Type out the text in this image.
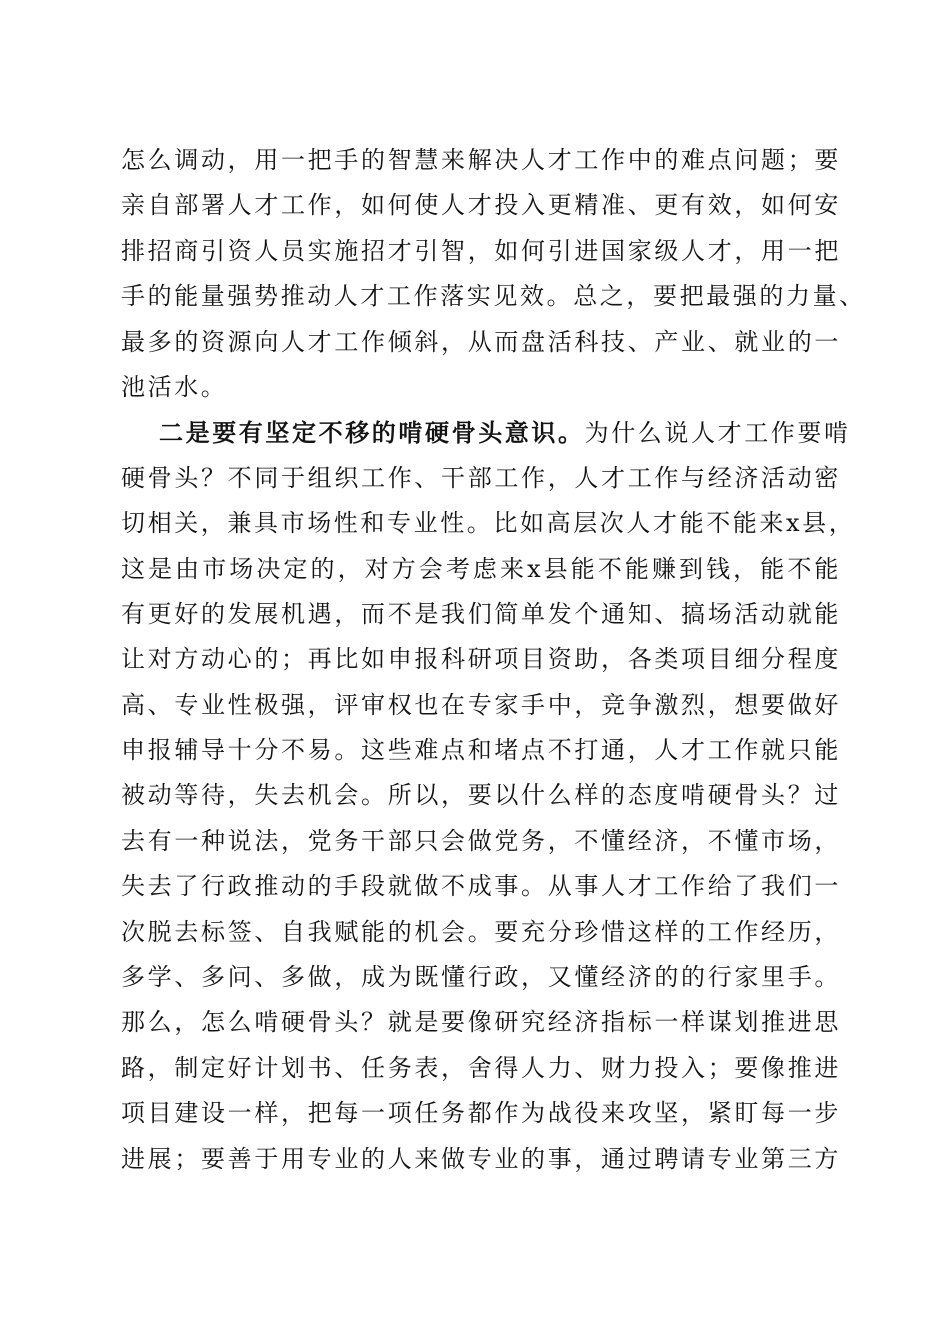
怎么调动，用一把手的智慧来解决人才工作中的难点问题；要
亲自部署人才工作，如何使人才投入更精准、更有效，如何安
排招商引资人员实施招才引智，如何引进国家级人才，用一把
手的能量强势推动人才工作落实见效。总之，要把最强的力量、
最多的资源向人才工作倾斜，从而盘活科技、产业、就业的一
池活水。
二是要有坚定不移的啃硬骨头意识。为什么说人才工作要啃
硬骨头？不同于组织工作、干部工作，人才工作与经济活动密
切相关，兼具市场性和专业性。比如高层次人才能不能来x县，
这是由市场决定的，对方会考虑来x县能不能赚到钱，能不能
有更好的发展机遇，而不是我们简单发个通知、搞场活动就能
让对方动心的；再比如申报科研项目资助，各类项目细分程度
高、专业性极强，评审权也在专家手中，竞争激烈，想要做好
申报辅导十分不易。这些难点和堵点不打通，人才工作就只能
被动等待，失去机会。所以，要以什么样的态度啃硬骨头？过
去有一种说法，党务干部只会做党务，不懂经济，不懂市场，
失去了行政推动的手段就做不成事。从事人才工作给了我们一
次脱去标签、自我赋能的机会。要充分珍惜这样的工作经历，
多学、多问、多做，成为既懂行政，又懂经济的的行家里手。
那么，怎么啃硬骨头？就是要像研究经济指标一样谋划推进思
路，制定好计划书、任务表，舍得人力、财力投入；要像推进
项目建设一样，把每一项任务都作为战役来攻坚，紧盯每一步
进展；要善于用专业的人来做专业的事，通过聘请专业第三方
